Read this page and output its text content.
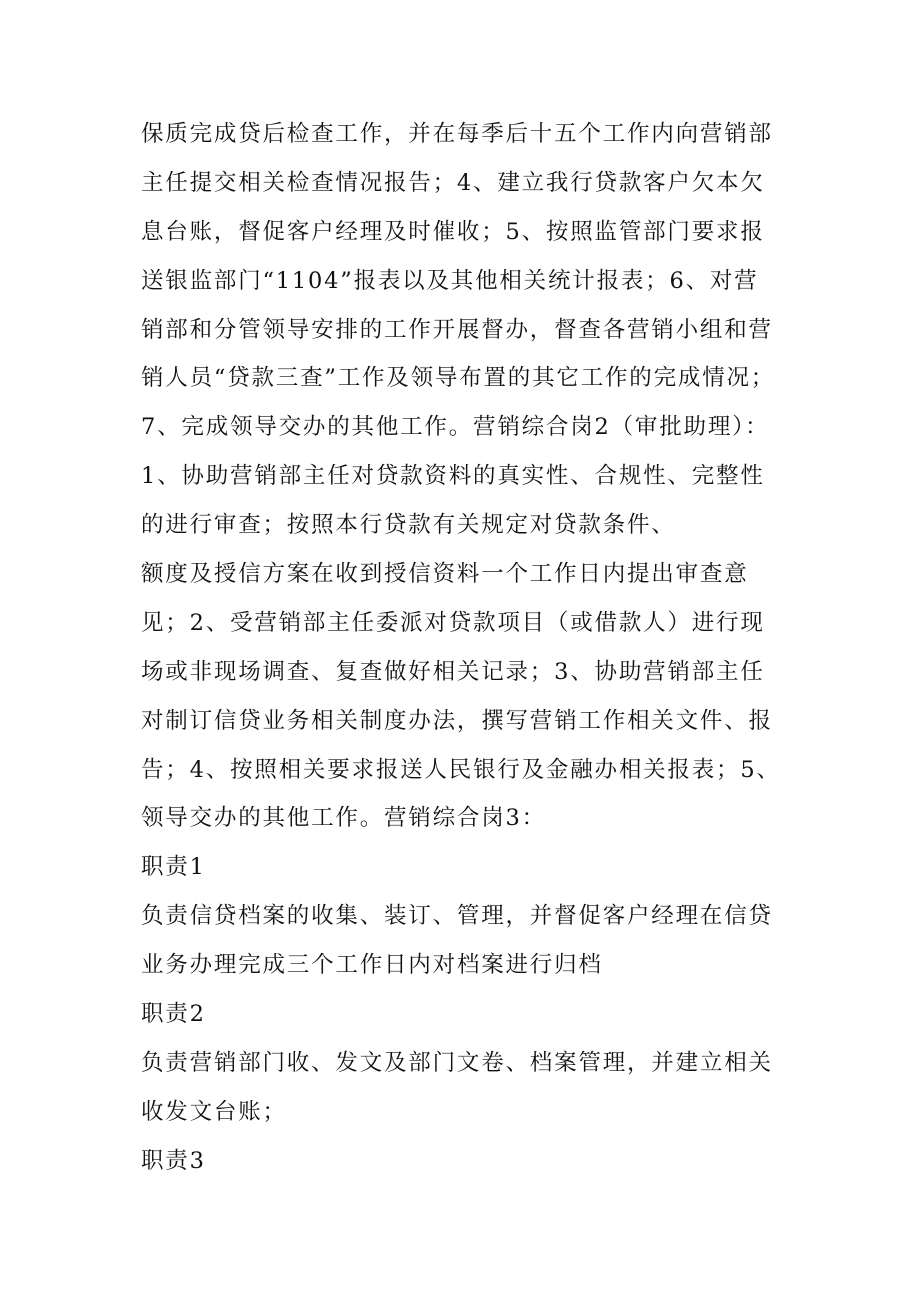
保质完成贷后检查工作，并在每季后十五个工作内向营销部
主任提交相关检查情况报告；4、建立我行贷款客户欠本欠
息台账，督促客户经理及时催收；5、按照监管部门要求报
送银监部门“1104”报表以及其他相关统计报表；6、对营
销部和分管领导安排的工作开展督办，督查各营销小组和营
销人员“贷款三查”工作及领导布置的其它工作的完成情况；
7、完成领导交办的其他工作。营销综合岗2（审批助理）：
1、协助营销部主任对贷款资料的真实性、合规性、完整性
的进行审查；按照本行贷款有关规定对贷款条件、
额度及授信方案在收到授信资料一个工作日内提出审查意
见；2、受营销部主任委派对贷款项目（或借款人）进行现
场或非现场调查、复查做好相关记录；3、协助营销部主任
对制订信贷业务相关制度办法，撰写营销工作相关文件、报
告；4、按照相关要求报送人民银行及金融办相关报表；5、
领导交办的其他工作。营销综合岗3：
职责1
负责信贷档案的收集、装订、管理，并督促客户经理在信贷
业务办理完成三个工作日内对档案进行归档
职责2
负责营销部门收、发文及部门文卷、档案管理，并建立相关
收发文台账；
职责3
